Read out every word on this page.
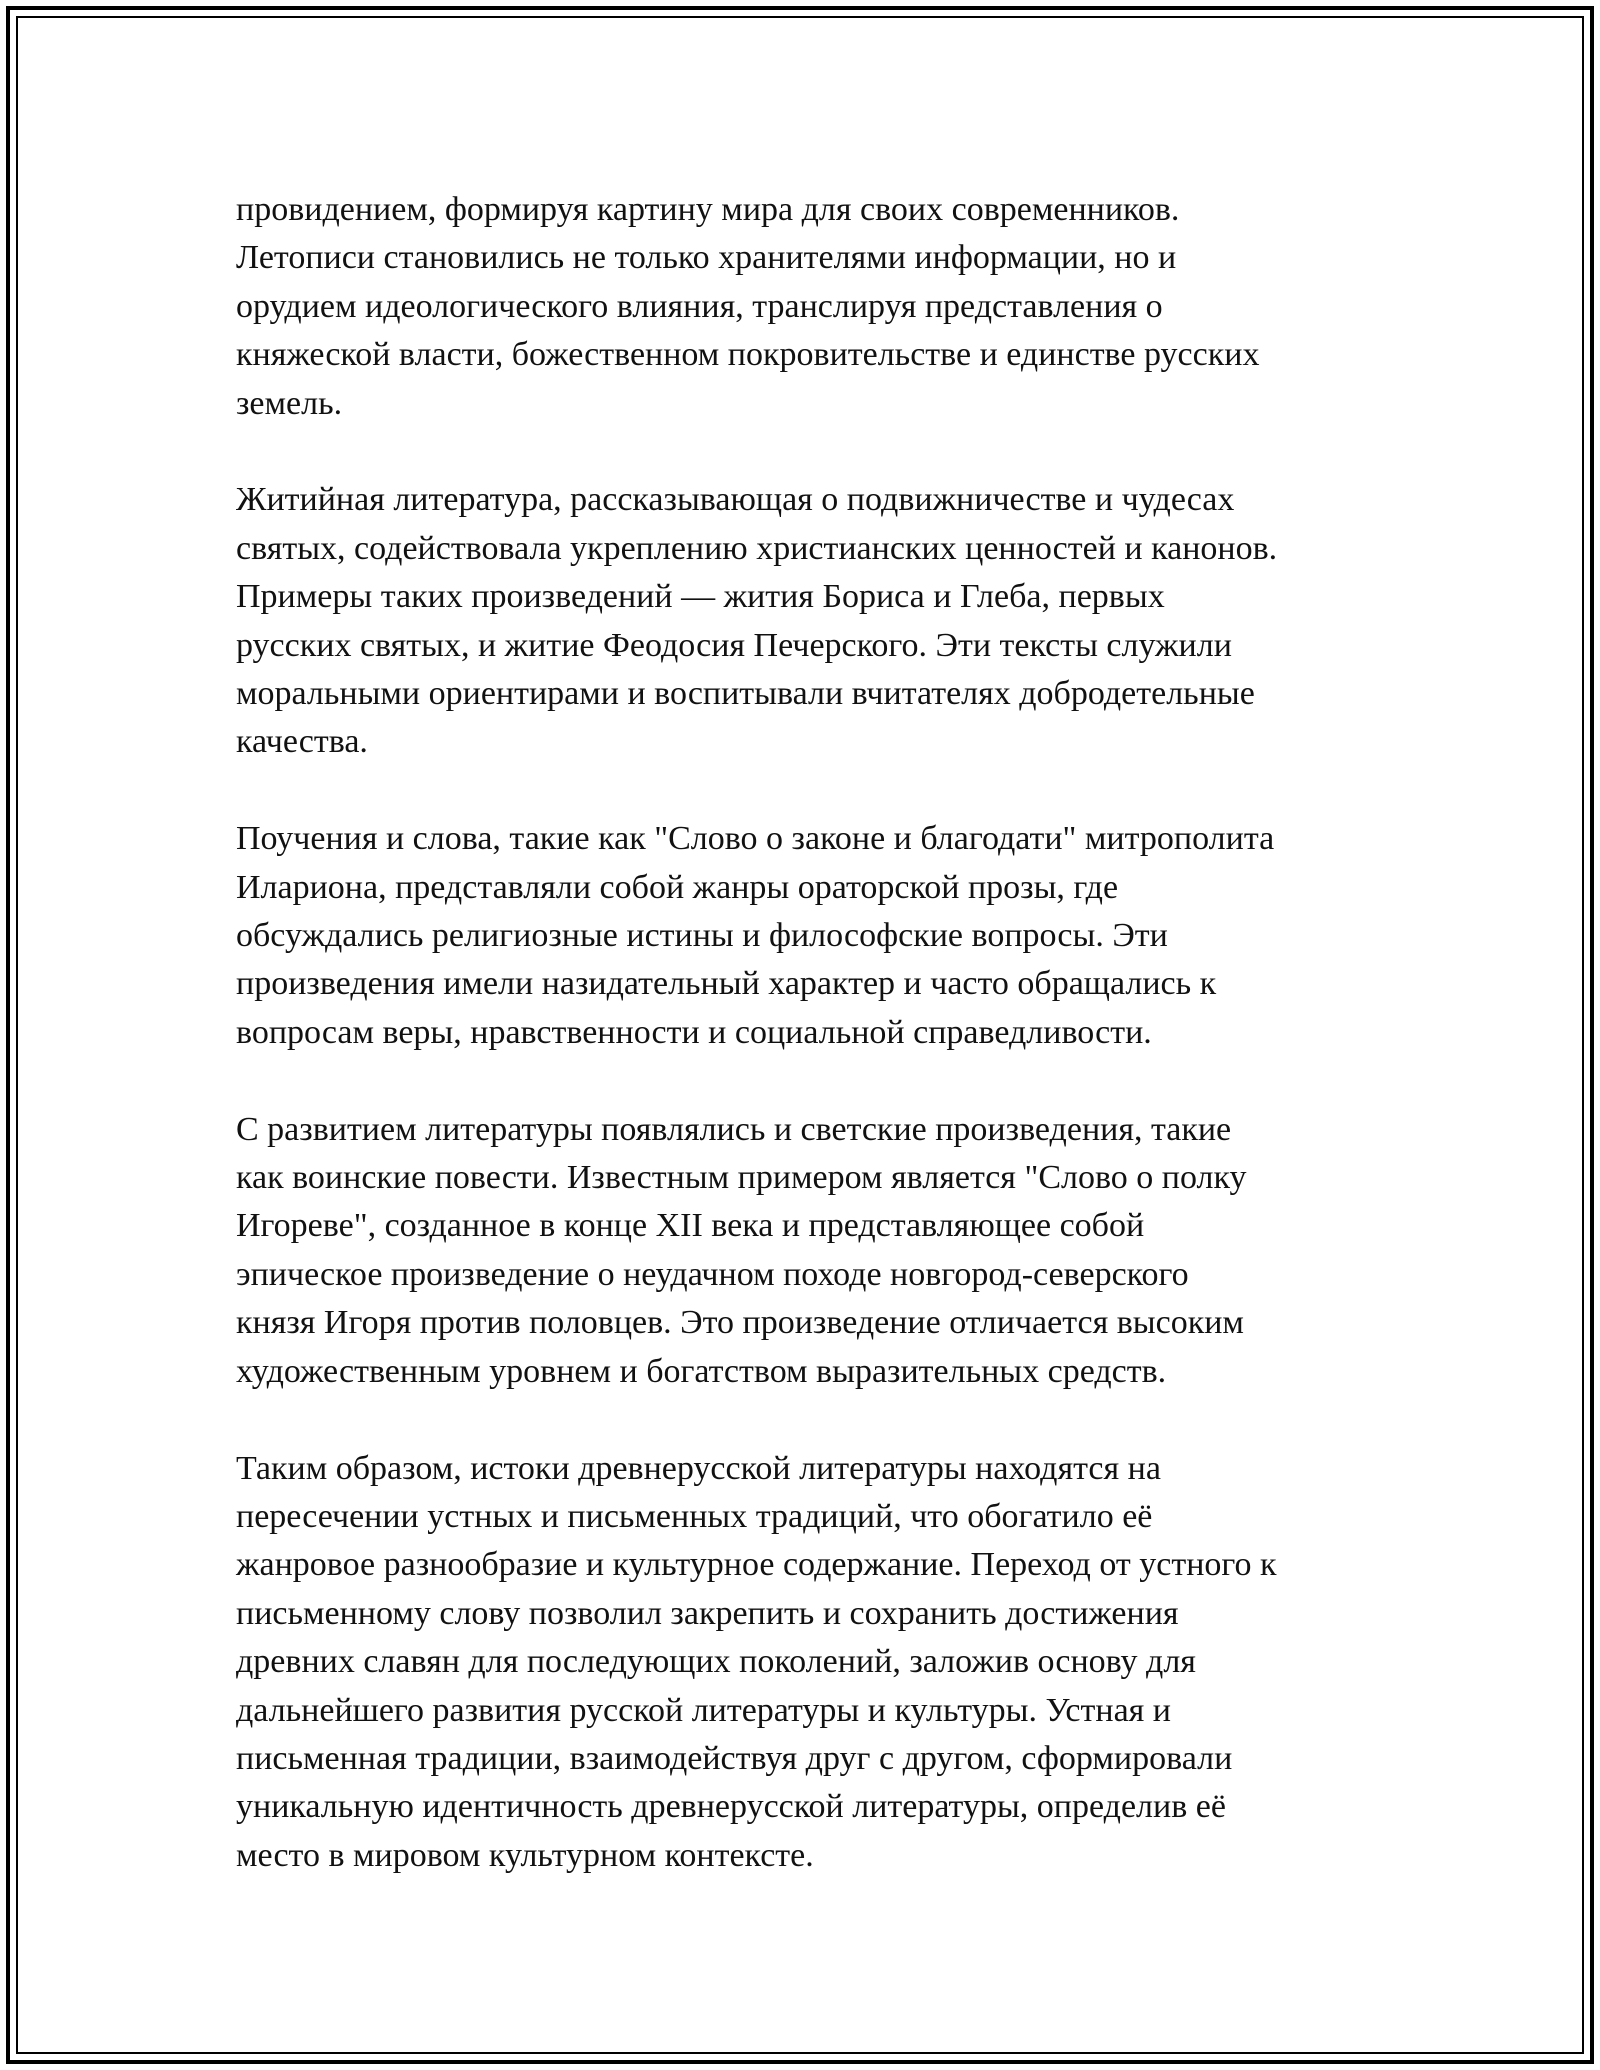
провидением, формируя картину мира для своих современников.
Летописи становились не только хранителями информации, но и
орудием идеологического влияния, транслируя представления о
княжеской власти, божественном покровительстве и единстве русских
земель.

Житийная литература, рассказывающая о подвижничестве и чудесах
святых, содействовала укреплению христианских ценностей и канонов.
Примеры таких произведений — жития Бориса и Глеба, первых
русских святых, и житие Феодосия Печерского. Эти тексты служили
моральными ориентирами и воспитывали вчитателях добродетельные
качества.

Поучения и слова, такие как "Слово о законе и благодати" митрополита
Илариона, представляли собой жанры ораторской прозы, где
обсуждались религиозные истины и философские вопросы. Эти
произведения имели назидательный характер и часто обращались к
вопросам веры, нравственности и социальной справедливости.

С развитием литературы появлялись и светские произведения, такие
как воинские повести. Известным примером является "Слово о полку
Игореве", созданное в конце XII века и представляющее собой
эпическое произведение о неудачном походе новгород-северского
князя Игоря против половцев. Это произведение отличается высоким
художественным уровнем и богатством выразительных средств.

Таким образом, истоки древнерусской литературы находятся на
пересечении устных и письменных традиций, что обогатило её
жанровое разнообразие и культурное содержание. Переход от устного к
письменному слову позволил закрепить и сохранить достижения
древних славян для последующих поколений, заложив основу для
дальнейшего развития русской литературы и культуры. Устная и
письменная традиции, взаимодействуя друг с другом, сформировали
уникальную идентичность древнерусской литературы, определив её
место в мировом культурном контексте.
